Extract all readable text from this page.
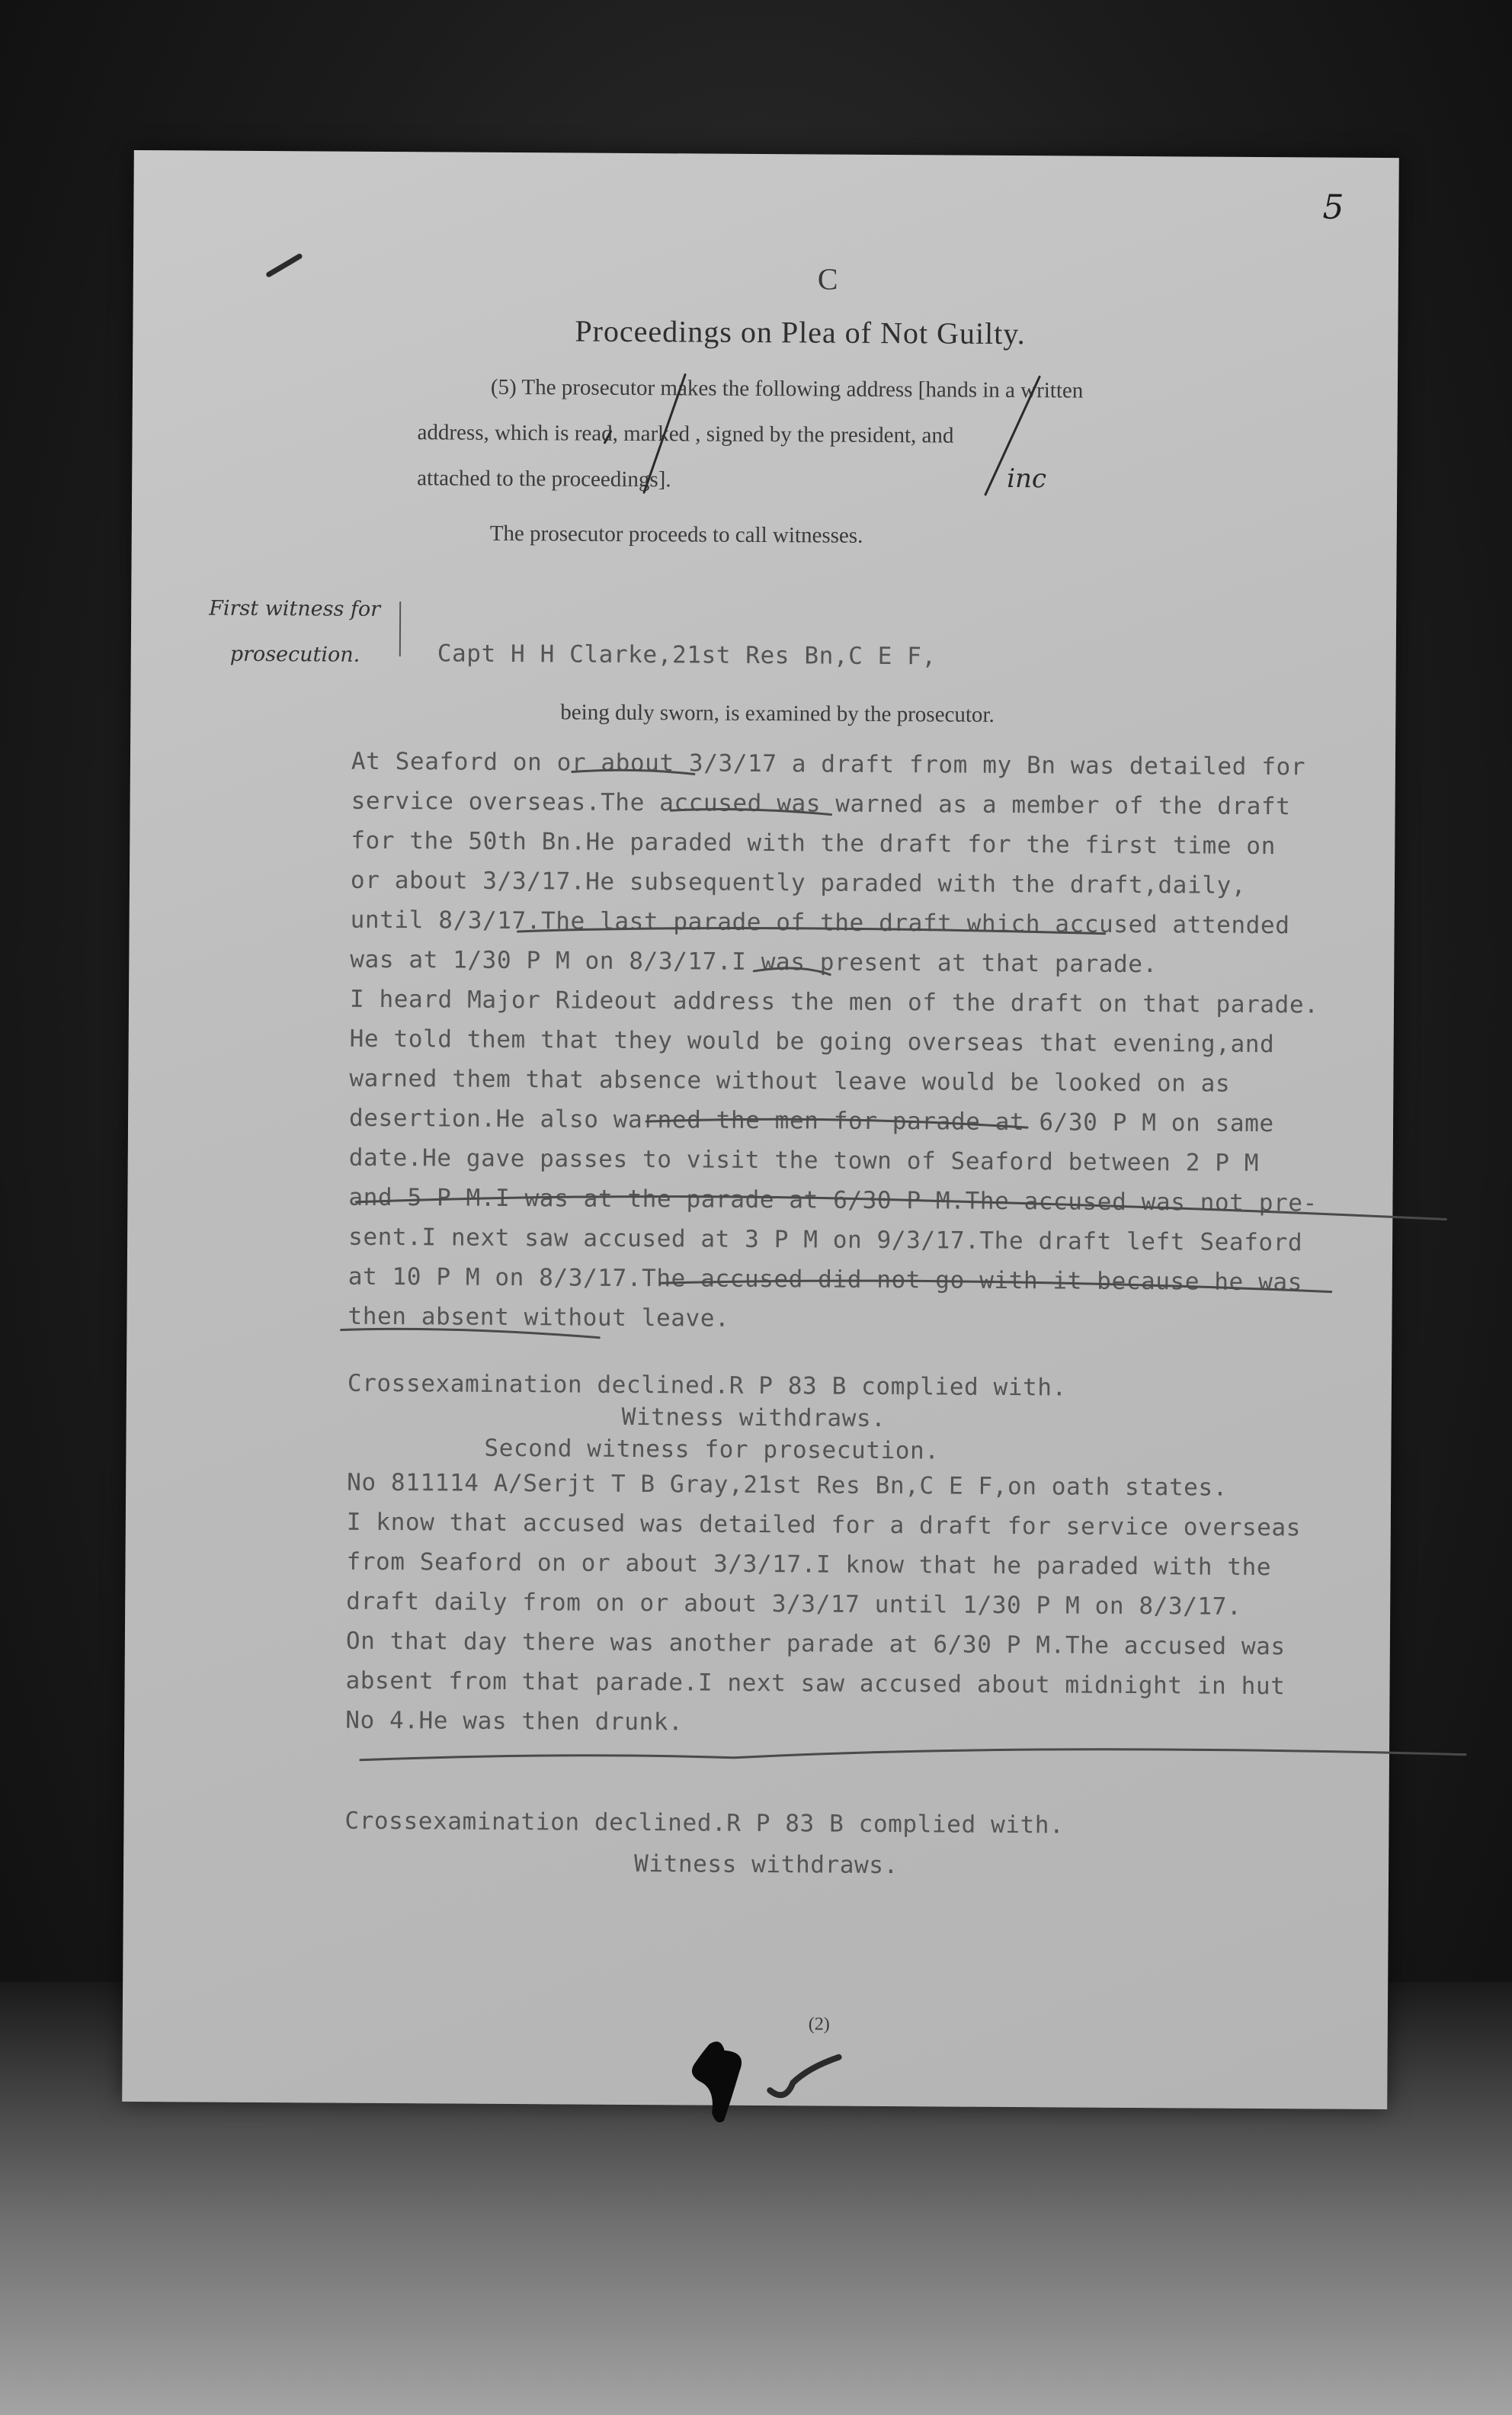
5
C
Proceedings on Plea of Not Guilty.
(5) The prosecutor makes the following address [hands in a written
address, which is read, marked , signed by the president, and
attached to the proceedings].	inc
The prosecutor proceeds to call witnesses.
First witness for
prosecution.	Capt H H Clarke,21st Res Bn,C E F,
being duly sworn, is examined by the prosecutor.
At Seaford on or about 3/3/17 a draft from my Bn was detailed for
service overseas.The accused was warned as a member of the draft
for the 50th Bn.He paraded with the draft for the first time on
or about 3/3/17.He subsequently paraded with the draft,daily,
until 8/3/17.The last parade of the draft which accused attended
was at 1/30 P M on 8/3/17.I was present at that parade.
I heard Major Rideout address the men of the draft on that parade.
He told them that they would be going overseas that evening,and
warned them that absence without leave would be looked on as
desertion.He also warned the men for parade at 6/30 P M on same
date.He gave passes to visit the town of Seaford between 2 P M
and 5 P M.I was at the parade at 6/30 P M.The accused was not pre-
sent.I next saw accused at 3 P M on 9/3/17.The draft left Seaford
at 10 P M on 8/3/17.The accused did not go with it because he was
then absent without leave.
Crossexamination declined.R P 83 B complied with.
Witness withdraws.
Second witness for prosecution.
No 811114 A/Serjt T B Gray,21st Res Bn,C E F,on oath states.
I know that accused was detailed for a draft for service overseas
from Seaford on or about 3/3/17.I know that he paraded with the
draft daily from on or about 3/3/17 until 1/30 P M on 8/3/17.
On that day there was another parade at 6/30 P M.The accused was
absent from that parade.I next saw accused about midnight in hut
No 4.He was then drunk.
Crossexamination declined.R P 83 B complied with.
Witness withdraws.
(2)
